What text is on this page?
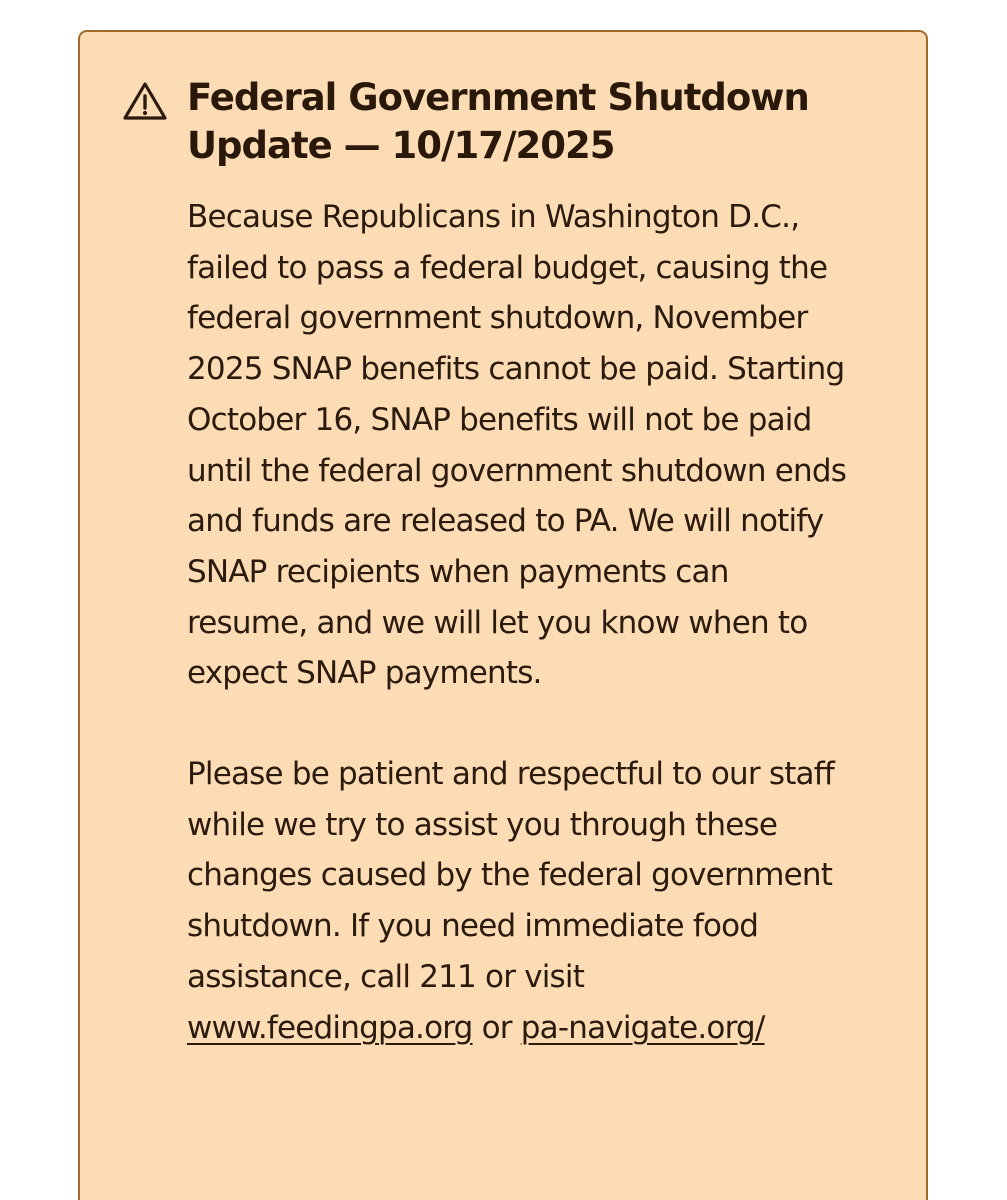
Federal Government Shutdown Update — 10/17/2025

Because Republicans in Washington D.C., failed to pass a federal budget, causing the federal government shutdown, November 2025 SNAP benefits cannot be paid. Starting October 16, SNAP benefits will not be paid until the federal government shutdown ends and funds are released to PA. We will notify SNAP recipients when payments can resume, and we will let you know when to expect SNAP payments.

Please be patient and respectful to our staff while we try to assist you through these changes caused by the federal government shutdown. If you need immediate food assistance, call 211 or visit www.feedingpa.org or pa-navigate.org/
